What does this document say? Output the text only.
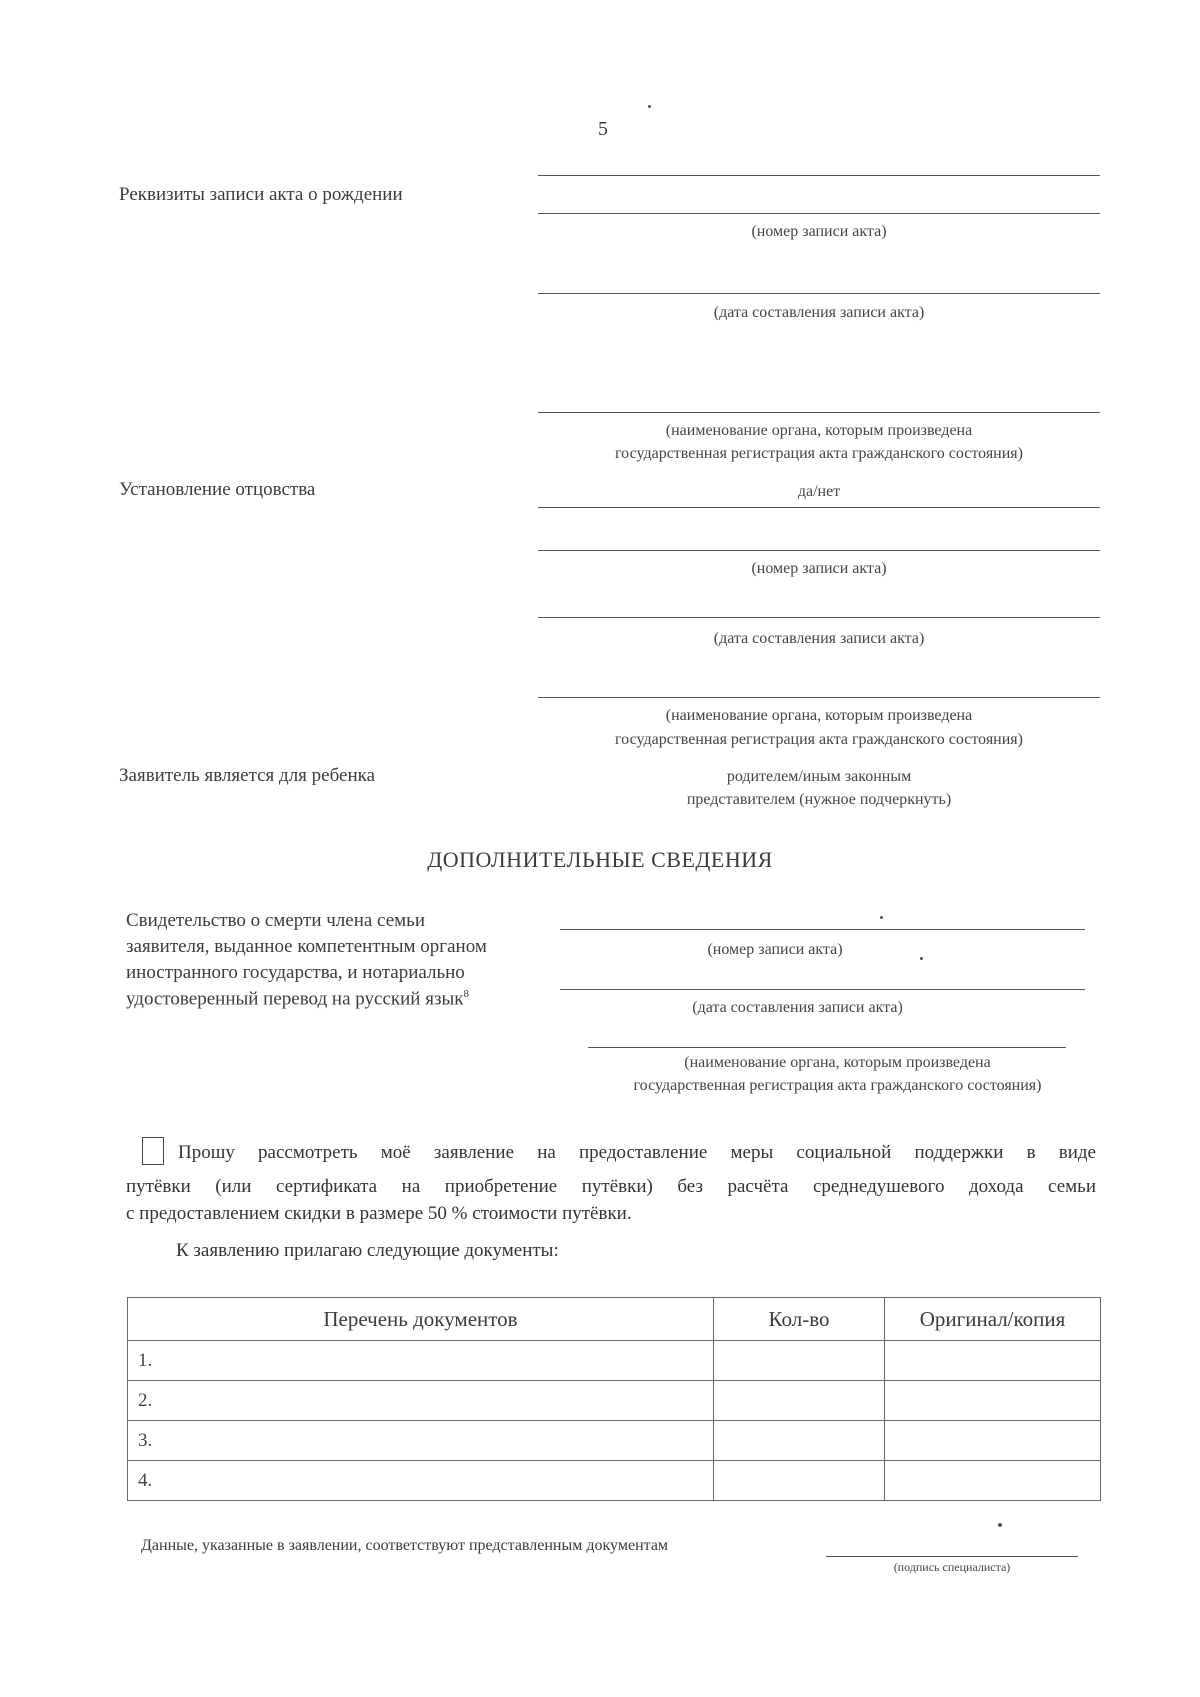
5
Реквизиты записи акта о рождении
(номер записи акта)
(дата составления записи акта)
(наименование органа, которым произведена
государственная регистрация акта гражданского состояния)
Установление отцовства	да/нет
(номер записи акта)
(дата составления записи акта)
(наименование органа, которым произведена
государственная регистрация акта гражданского состояния)
Заявитель является для ребенка	родителем/иным законным
представителем (нужное подчеркнуть)
ДОПОЛНИТЕЛЬНЫЕ СВЕДЕНИЯ
Свидетельство о смерти члена семьи
заявителя, выданное компетентным органом
иностранного государства, и нотариально
удостоверенный перевод на русский язык$^8$
(номер записи акта)
(дата составления записи акта)
(наименование органа, которым произведена
государственная регистрация акта гражданского состояния)
Прошу рассмотреть моё заявление на предоставление меры социальной поддержки в виде
путёвки (или сертификата на приобретение путёвки) без расчёта среднедушевого дохода семьи
с предоставлением скидки в размере 50 % стоимости путёвки.
К заявлению прилагаю следующие документы:
Перечень документов	Кол-во	Оригинал/копия
1.		
2.		
3.		
4.		
Данные, указанные в заявлении, соответствуют представленным документам
(подпись специалиста)
